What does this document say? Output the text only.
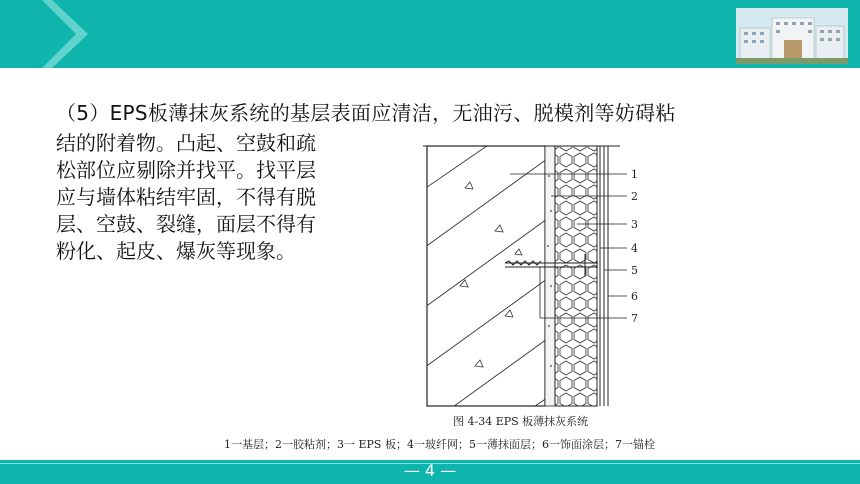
（5）EPS板薄抹灰系统的基层表面应清洁，无油污、脱模剂等妨碍粘
结的附着物。凸起、空鼓和疏
松部位应剔除并找平。找平层
应与墙体粘结牢固，不得有脱
层、空鼓、裂缝，面层不得有
粉化、起皮、爆灰等现象。
1
2
3
4
5
6
7
图 4-34 EPS 板薄抹灰系统
1一基层；2一胶粘剂；3一 EPS 板；4一玻纤网；5一薄抹面层；6一饰面涂层；7一锚栓
— 4 —
